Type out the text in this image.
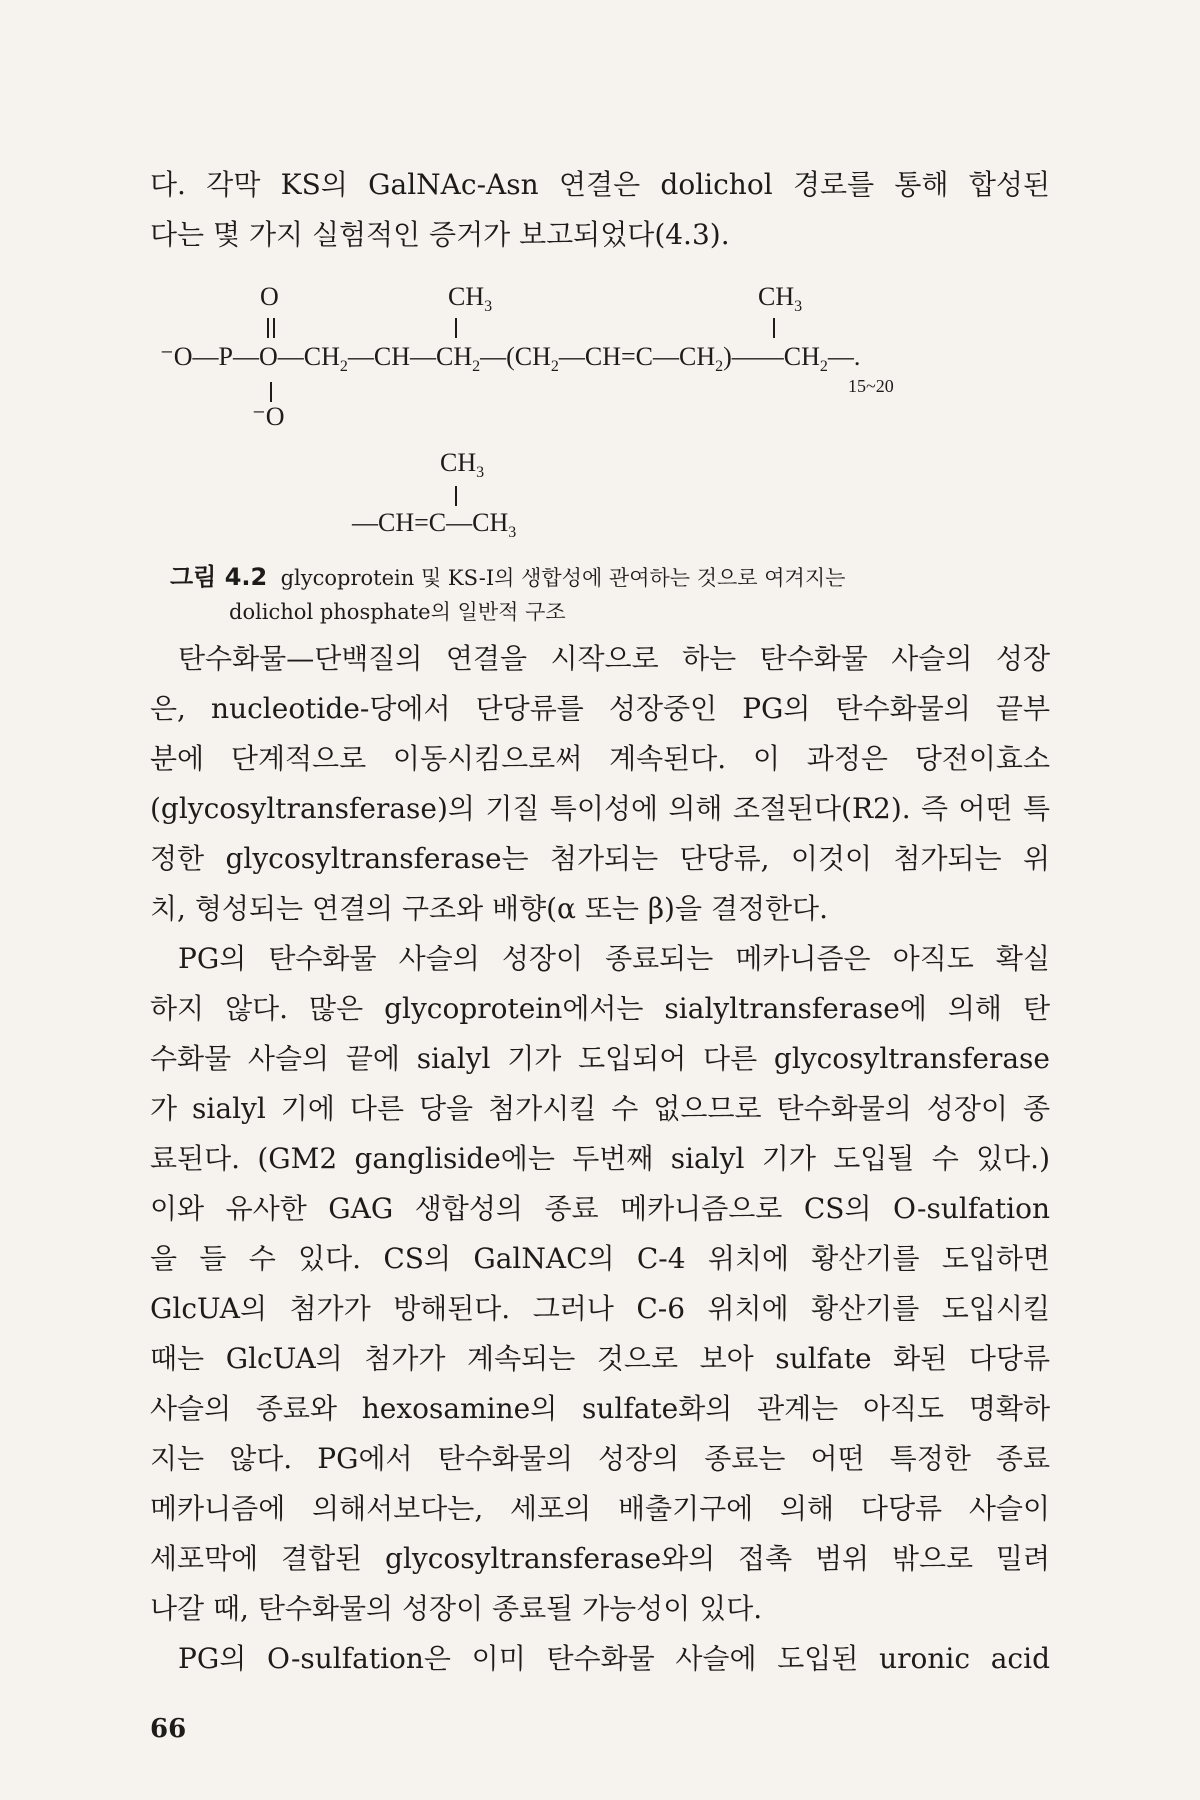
다. 각막 KS의 GalNAc-Asn 연결은 dolichol 경로를 통해 합성된
다는 몇 가지 실험적인 증거가 보고되었다(4.3).
O	$CH_3$	$CH_3$
$^-O—P—O—CH_2—CH—CH_2—(CH_2—CH=C—CH_2)——CH_2—$.
15~20
⁻O
$CH_3$
$—CH=C—CH_3$
그림 4.2 glycoprotein 및 KS-I의 생합성에 관여하는 것으로 여겨지는
dolichol phosphate의 일반적 구조
탄수화물—단백질의 연결을 시작으로 하는 탄수화물 사슬의 성장
은, nucleotide-당에서 단당류를 성장중인 PG의 탄수화물의 끝부
분에 단계적으로 이동시킴으로써 계속된다. 이 과정은 당전이효소
(glycosyltransferase)의 기질 특이성에 의해 조절된다(R2). 즉 어떤 특
정한 glycosyltransferase는 첨가되는 단당류, 이것이 첨가되는 위
치, 형성되는 연결의 구조와 배향(α 또는 β)을 결정한다.
PG의 탄수화물 사슬의 성장이 종료되는 메카니즘은 아직도 확실
하지 않다. 많은 glycoprotein에서는 sialyltransferase에 의해 탄
수화물 사슬의 끝에 sialyl 기가 도입되어 다른 glycosyltransferase
가 sialyl 기에 다른 당을 첨가시킬 수 없으므로 탄수화물의 성장이 종
료된다. (GM2 gangliside에는 두번째 sialyl 기가 도입될 수 있다.)
이와 유사한 GAG 생합성의 종료 메카니즘으로 CS의 O-sulfation
을 들 수 있다. CS의 GalNAC의 C-4 위치에 황산기를 도입하면
GlcUA의 첨가가 방해된다. 그러나 C-6 위치에 황산기를 도입시킬
때는 GlcUA의 첨가가 계속되는 것으로 보아 sulfate 화된 다당류
사슬의 종료와 hexosamine의 sulfate화의 관계는 아직도 명확하
지는 않다. PG에서 탄수화물의 성장의 종료는 어떤 특정한 종료
메카니즘에 의해서보다는, 세포의 배출기구에 의해 다당류 사슬이
세포막에 결합된 glycosyltransferase와의 접촉 범위 밖으로 밀려
나갈 때, 탄수화물의 성장이 종료될 가능성이 있다.
PG의 O-sulfation은 이미 탄수화물 사슬에 도입된 uronic acid
66
